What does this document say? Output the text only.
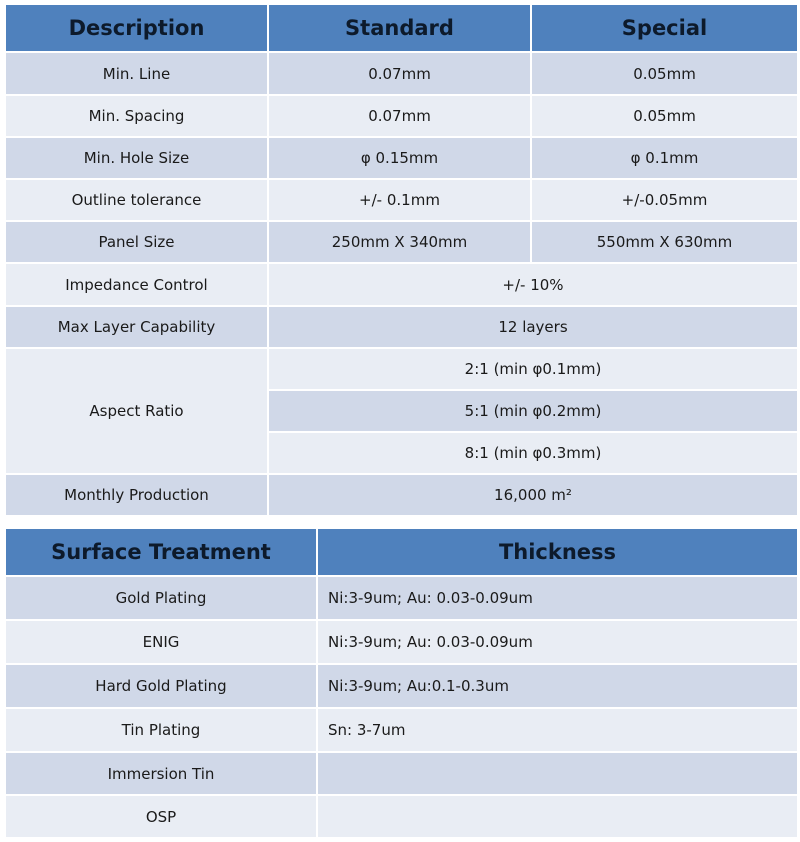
Description	Standard	Special
Min. Line	0.07mm	0.05mm
Min. Spacing	0.07mm	0.05mm
Min. Hole Size	φ 0.15mm	φ 0.1mm
Outline tolerance	+/- 0.1mm	+/-0.05mm
Panel Size	250mm X 340mm	550mm X 630mm
Impedance Control	+/- 10%	
Max Layer Capability	12 layers	
Aspect Ratio	2:1 (min φ0.1mm)	
	5:1 (min φ0.2mm)	
	8:1 (min φ0.3mm)	
Monthly Production	16,000 m²	
Surface Treatment	Thickness
Gold Plating	Ni:3-9um; Au: 0.03-0.09um
ENIG	Ni:3-9um; Au: 0.03-0.09um
Hard Gold Plating	Ni:3-9um; Au:0.1-0.3um
Tin Plating	Sn: 3-7um
Immersion Tin	
OSP	
